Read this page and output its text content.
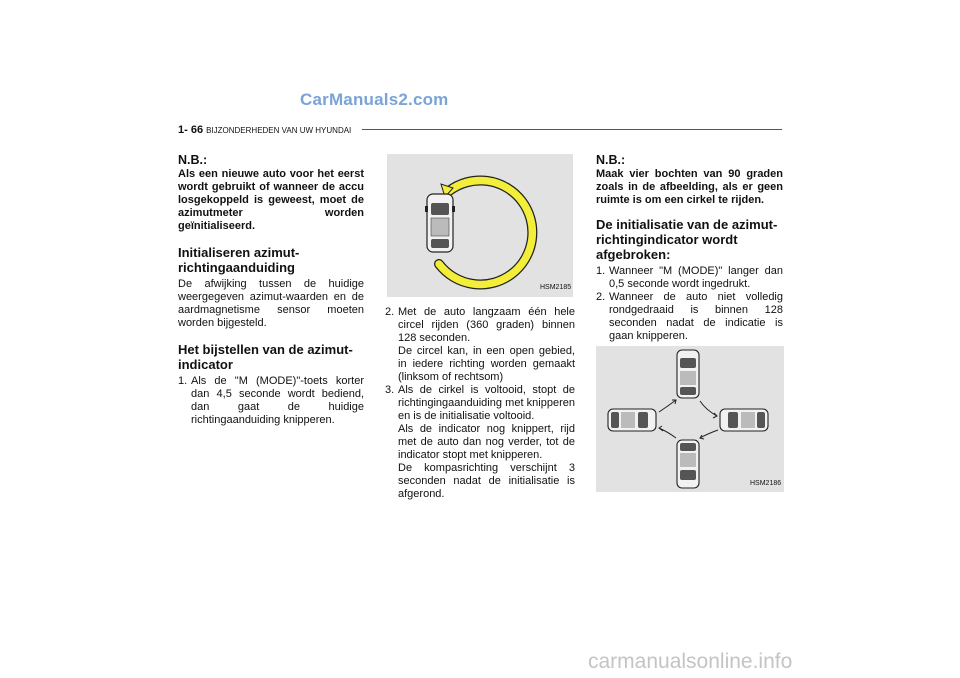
CarManuals2.com
1- 66 BIJZONDERHEDEN VAN UW HYUNDAI
N.B.:

Als een nieuwe auto voor het eerst wordt gebruikt of wanneer de accu losgekoppeld is geweest, moet de azimutmeter worden geïnitialiseerd.

Initialiseren azimut-richtingaanduiding

De afwijking tussen de huidige weergegeven azimut-waarden en de aardmagnetisme sensor moeten worden bijgesteld.

Het bijstellen van de azimut-indicator
1. Als de "M (MODE)"-toets korter dan 4,5 seconde wordt bediend, dan gaat de huidige richtingaanduiding knipperen.
HSM2185
2. Met de auto langzaam één hele circel rijden (360 graden) binnen 128 seconden.
De circel kan, in een open gebied, in iedere richting worden gemaakt (linksom of rechtsom)
3. Als de cirkel is voltooid, stopt de richtingingaanduiding met knipperen en is de initialisatie voltooid.
Als de indicator nog knippert, rijd met de auto dan nog verder, tot de indicator stopt met knipperen.
De kompasrichting verschijnt 3 seconden nadat de initialisatie is afgerond.
N.B.:

Maak vier bochten van 90 graden zoals in de afbeelding, als er geen ruimte is om een cirkel te rijden.

De initialisatie van de azimut-richtingindicator wordt afgebroken:
1. Wanneer "M (MODE)" langer dan 0,5 seconde wordt ingedrukt.
2. Wanneer de auto niet volledig rondgedraaid is binnen 128 seconden nadat de indicatie is gaan knipperen.
HSM2186
carmanualsonline.info
